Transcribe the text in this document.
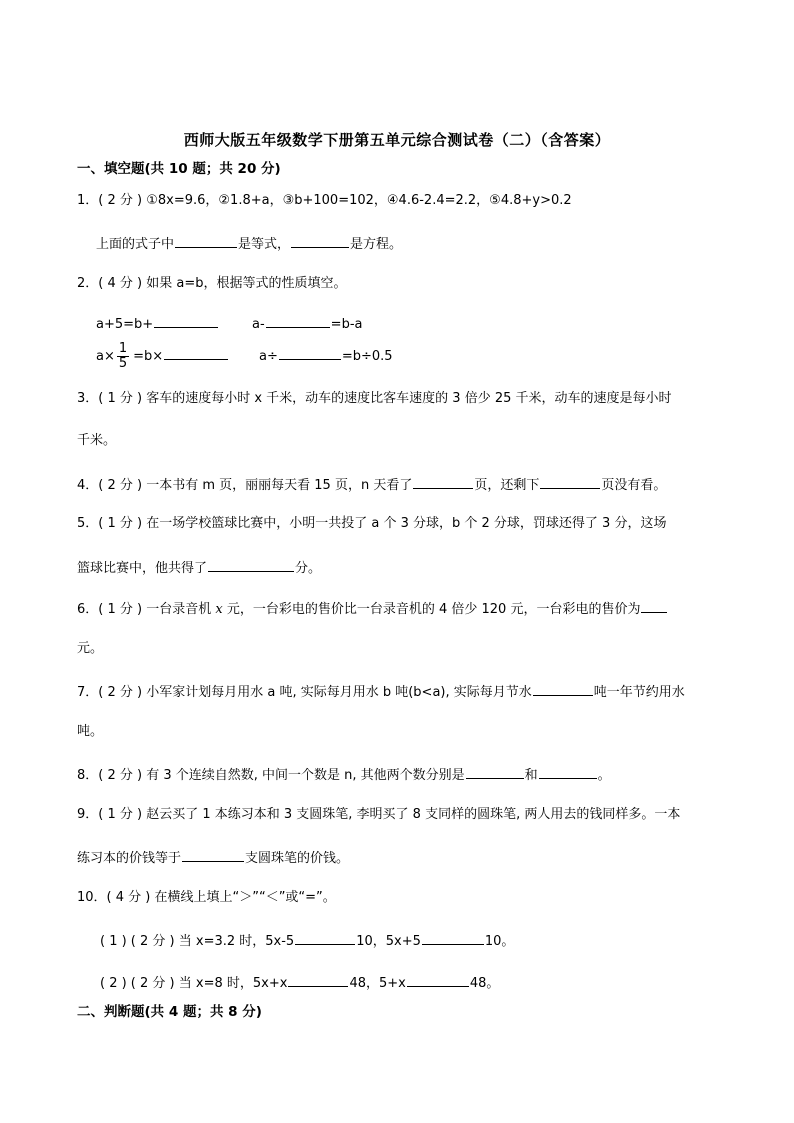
西师大版五年级数学下册第五单元综合测试卷（二）（含答案）
一、填空题(共 10 题；共 20 分)
1．( 2 分 ) ①8x=9.6，②1.8+a，③b+100=102，④4.6-2.4=2.2，⑤4.8+y>0.2
上面的式子中	是等式，	是方程。
2．( 4 分 ) 如果 a=b，根据等式的性质填空。
a+5=b+	a-	=b-a
$a\times \frac{1}{5} =b\times$	a÷	=b÷0.5
3．( 1 分 ) 客车的速度每小时 x 千米，动车的速度比客车速度的 3 倍少 25 千米，动车的速度是每小时
千米。
4．( 2 分 ) 一本书有 m 页，丽丽每天看 15 页，n 天看了	页，还剩下	页没有看。
5．( 1 分 ) 在一场学校篮球比赛中，小明一共投了 a 个 3 分球，b 个 2 分球，罚球还得了 3 分，这场
篮球比赛中，他共得了	分。
6．( 1 分 ) 一台录音机 x 元，一台彩电的售价比一台录音机的 4 倍少 120 元，一台彩电的售价为
元。
7．( 2 分 ) 小军家计划每月用水 a 吨, 实际每月用水 b 吨(b<a), 实际每月节水	吨一年节约用水
吨。
8．( 2 分 ) 有 3 个连续自然数, 中间一个数是 n, 其他两个数分别是	和	。
9．( 1 分 ) 赵云买了 1 本练习本和 3 支圆珠笔, 李明买了 8 支同样的圆珠笔, 两人用去的钱同样多。一本
练习本的价钱等于	支圆珠笔的价钱。
10．( 4 分 ) 在横线上填上“＞”“＜”或“=”。
( 1 ) ( 2 分 ) 当 x=3.2 时，5x-5	10，5x+5	10。
( 2 ) ( 2 分 ) 当 x=8 时，5x+x	48，5+x	48。
二、判断题(共 4 题；共 8 分)
